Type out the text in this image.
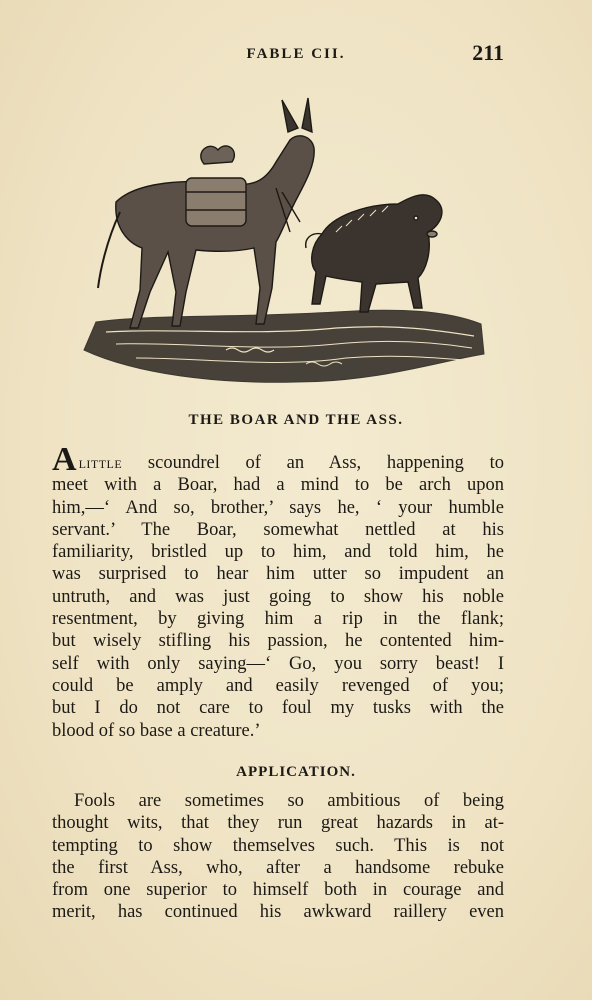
FABLE CII.	211
THE BOAR AND THE ASS.
Alittle scoundrel of an Ass, happening to
meet with a Boar, had a mind to be arch upon
him,—‘ And so, brother,’ says he, ‘ your humble
servant.’ The Boar, somewhat nettled at his
familiarity, bristled up to him, and told him, he
was surprised to hear him utter so impudent an
untruth, and was just going to show his noble
resentment, by giving him a rip in the flank;
but wisely stifling his passion, he contented him-
self with only saying—‘ Go, you sorry beast! I
could be amply and easily revenged of you;
but I do not care to foul my tusks with the
blood of so base a creature.’
APPLICATION.
Fools are sometimes so ambitious of being
thought wits, that they run great hazards in at-
tempting to show themselves such. This is not
the first Ass, who, after a handsome rebuke
from one superior to himself both in courage and
merit, has continued his awkward raillery even
